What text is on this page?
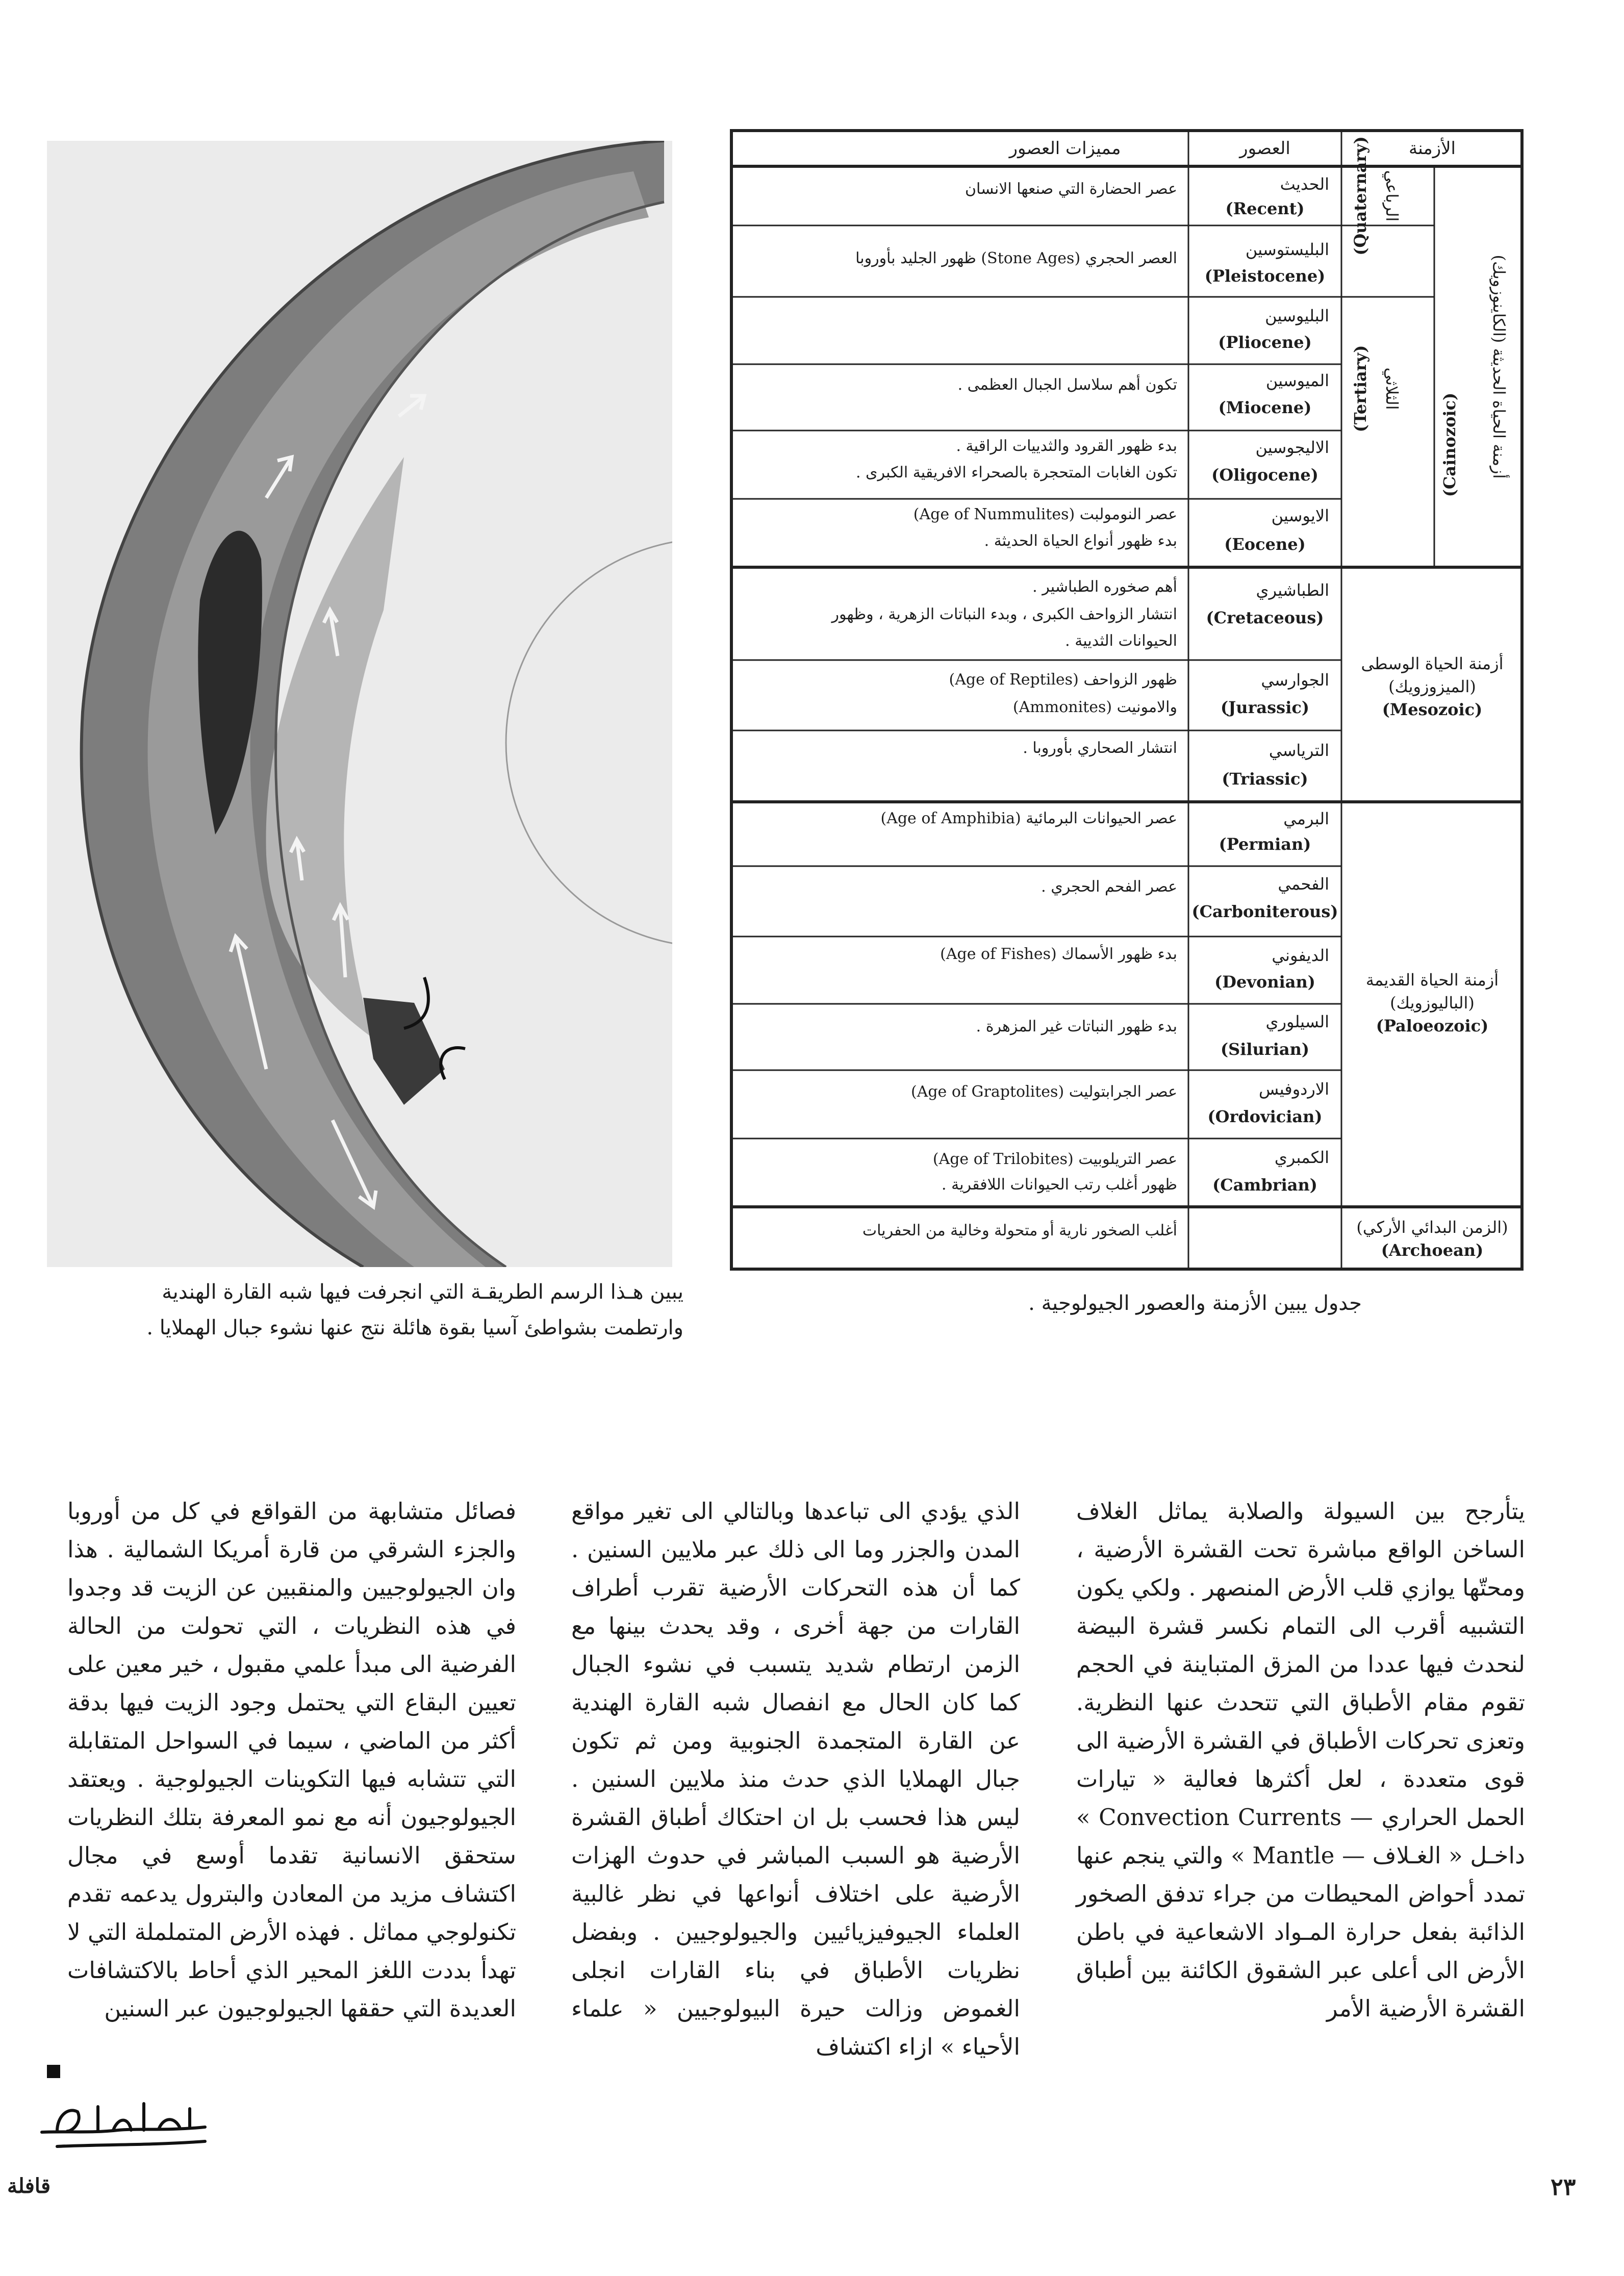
الأزمنة
العصور
مميزات العصور
أزمنة الحياة الحديثة (الكاينوزويك)
(Cainozoic)
الرباعي
(Quaternary)
الثلاثي
(Tertiary)
أزمنة الحياة الوسطى
(الميزوزويك)
(Mesozoic)
أزمنة الحياة القديمة
(الباليوزويك)
(Paloeozoic)
(الزمن البدائي الأركي)
(Archoean)
الحديث
(Recent)
البليستوسين
(Pleistocene)
البليوسين
(Pliocene)
الميوسين
(Miocene)
الاليجوسين
(Oligocene)
الايوسين
(Eocene)
الطباشيري
(Cretaceous)
الجوارسي
(Jurassic)
الترياسي
(Triassic)
البرمي
(Permian)
الفحمي
(Carboniterous)
الديفوني
(Devonian)
السيلوري
(Silurian)
الاردوفيس
(Ordovician)
الكمبري
(Cambrian)
عصر الحضارة التي صنعها الانسان
العصر الحجري (Stone Ages) ظهور الجليد بأوروبا
تكون أهم سلاسل الجبال العظمى .
بدء ظهور القرود والثدييات الراقية .
تكون الغابات المتحجرة بالصحراء الافريقية الكبرى .
عصر النومولبت (Age of Nummulites)
بدء ظهور أنواع الحياة الحديثة .
أهم صخوره الطباشير .
انتشار الزواحف الكبرى ، وبدء النباتات الزهرية ، وظهور
الحيوانات الثديية .
ظهور الزواحف (Age of Reptiles)
والامونيت (Ammonites)
انتشار الصحاري بأوروبا .
عصر الحيوانات البرمائية (Age of Amphibia)
عصر الفحم الحجري .
بدء ظهور الأسماك (Age of Fishes)
بدء ظهور النباتات غير المزهرة .
عصر الجرابتوليت (Age of Graptolites)
عصر التريلوبيت (Age of Trilobites)
ظهور أغلب رتب الحيوانات اللافقرية .
أغلب الصخور نارية أو متحولة وخالية من الحفريات
جدول يبين الأزمنة والعصور الجيولوجية .
يبين هـذا الرسم الطريقـة التي انجرفت فيها شبه القارة الهندية
وارتطمت بشواطئ آسيا بقوة هائلة نتج عنها نشوء جبال الهملايا .

يتأرجح بين السيولة والصلابة يماثل الغلاف الساخن الواقع مباشرة تحت القشرة الأرضية ، ومحتّها يوازي قلب الأرض المنصهر . ولكي يكون التشبيه أقرب الى التمام نكسر قشرة البيضة لنحدث فيها عددا من المزق المتباينة في الحجم تقوم مقام الأطباق التي تتحدث عنها النظرية. وتعزى تحركات الأطباق في القشرة الأرضية الى قوى متعددة ، لعل أكثرها فعالية « تيارات الحمل الحراري — Convection Currents » داخـل « الغـلاف — Mantle » والتي ينجم عنها تمدد أحواض المحيطات من جراء تدفق الصخور الذائبة بفعل حرارة المـواد الاشعاعية في باطن الأرض الى أعلى عبر الشقوق الكائنة بين أطباق القشرة الأرضية الأمر

الذي يؤدي الى تباعدها وبالتالي الى تغير مواقع المدن والجزر وما الى ذلك عبر ملايين السنين . كما أن هذه التحركات الأرضية تقرب أطراف القارات من جهة أخرى ، وقد يحدث بينها مع الزمن ارتطام شديد يتسبب في نشوء الجبال كما كان الحال مع انفصال شبه القارة الهندية عن القارة المتجمدة الجنوبية ومن ثم تكون جبال الهملايا الذي حدث منذ ملايين السنين . ليس هذا فحسب بل ان احتكاك أطباق القشرة الأرضية هو السبب المباشر في حدوث الهزات الأرضية على اختلاف أنواعها في نظر غالبية العلماء الجيوفيزيائيين والجيولوجيين . وبفضل نظريات الأطباق في بناء القارات انجلى الغموض وزالت حيرة البيولوجيين « علماء الأحياء » ازاء اكتشاف

فصائل متشابهة من القواقع في كل من أوروبا والجزء الشرقي من قارة أمريكا الشمالية . هذا وان الجيولوجيين والمنقبين عن الزيت قد وجدوا في هذه النظريات ، التي تحولت من الحالة الفرضية الى مبدأ علمي مقبول ، خير معين على تعيين البقاع التي يحتمل وجود الزيت فيها بدقة أكثر من الماضي ، سيما في السواحل المتقابلة التي تتشابه فيها التكوينات الجيولوجية . ويعتقد الجيولوجيون أنه مع نمو المعرفة بتلك النظريات ستحقق الانسانية تقدما أوسع في مجال اكتشاف مزيد من المعادن والبترول يدعمه تقدم تكنولوجي مماثل . فهذه الأرض المتململة التي لا تهدأ بددت اللغز المحير الذي أحاط بالاكتشافات العديدة التي حققها الجيولوجيون عبر السنين

٢٣
قافلة
